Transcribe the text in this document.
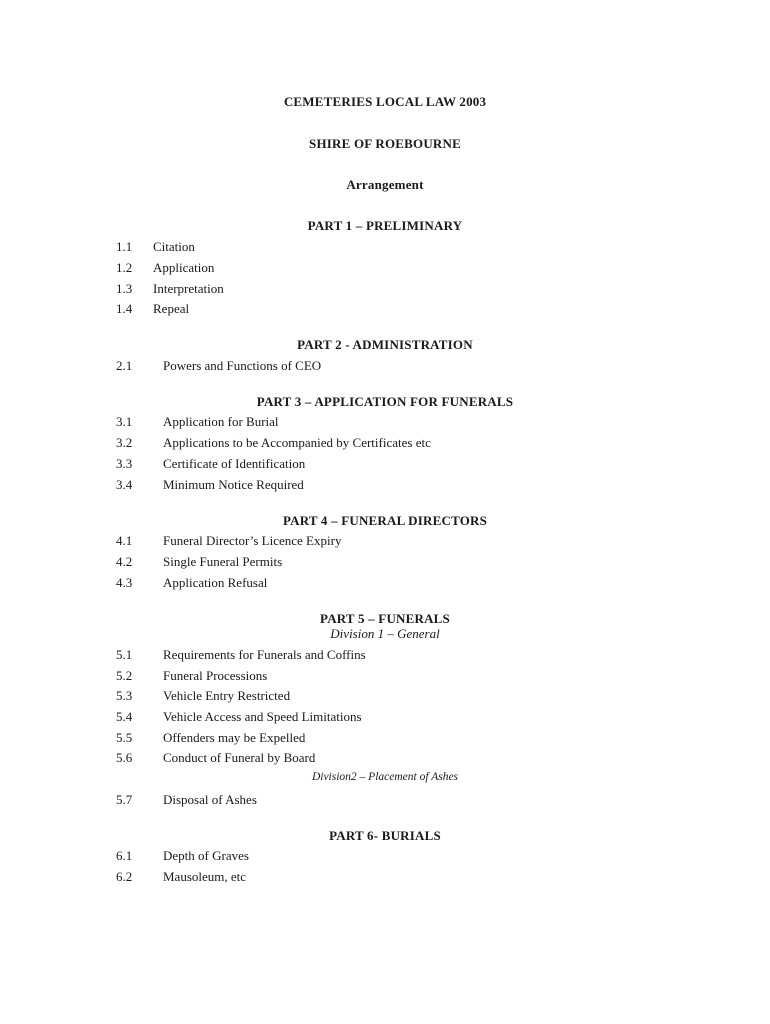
CEMETERIES LOCAL LAW 2003
SHIRE OF ROEBOURNE
Arrangement
PART 1 – PRELIMINARY
1.1 Citation
1.2 Application
1.3 Interpretation
1.4 Repeal
PART 2 - ADMINISTRATION
2.1 Powers and Functions of CEO
PART 3 – APPLICATION FOR FUNERALS
3.1 Application for Burial
3.2 Applications to be Accompanied by Certificates etc
3.3 Certificate of Identification
3.4 Minimum Notice Required
PART 4 – FUNERAL DIRECTORS
4.1 Funeral Director’s Licence Expiry
4.2 Single Funeral Permits
4.3 Application Refusal
PART 5 – FUNERALS
Division 1 – General
5.1 Requirements for Funerals and Coffins
5.2 Funeral Processions
5.3 Vehicle Entry Restricted
5.4 Vehicle Access and Speed Limitations
5.5 Offenders may be Expelled
5.6 Conduct of Funeral by Board
Division2 – Placement of Ashes
5.7 Disposal of Ashes
PART 6- BURIALS
6.1 Depth of Graves
6.2 Mausoleum, etc
